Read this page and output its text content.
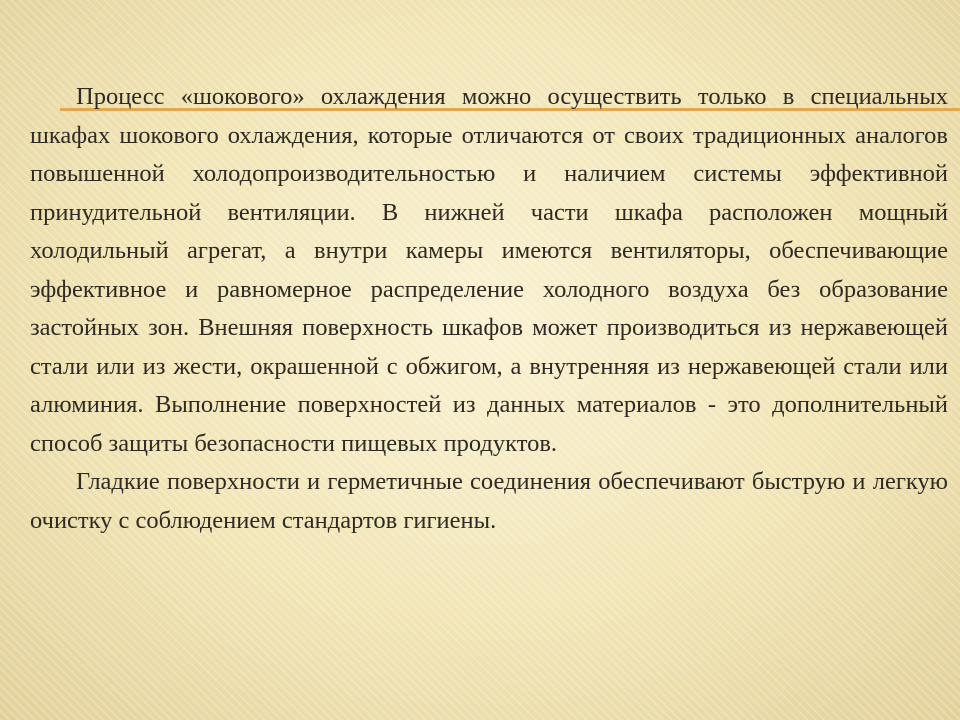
Процесс «шокового» охлаждения можно осуществить только в специальных шкафах шокового охлаждения, которые отличаются от своих традиционных аналогов повышенной холодопроизводительностью и наличием системы эффективной принудительной вентиляции. В нижней части шкафа расположен мощный холодильный агрегат, а внутри камеры имеются вентиляторы, обеспечивающие эффективное и равномерное распределение холодного воздуха без образование застойных зон. Внешняя поверхность шкафов может производиться из нержавеющей стали или из жести, окрашенной с обжигом, а внутренняя из нержавеющей стали или алюминия. Выполнение поверхностей из данных материалов - это дополнительный способ защиты безопасности пищевых продуктов.

Гладкие поверхности и герметичные соединения обеспечивают быструю и легкую очистку с соблюдением стандартов гигиены.
